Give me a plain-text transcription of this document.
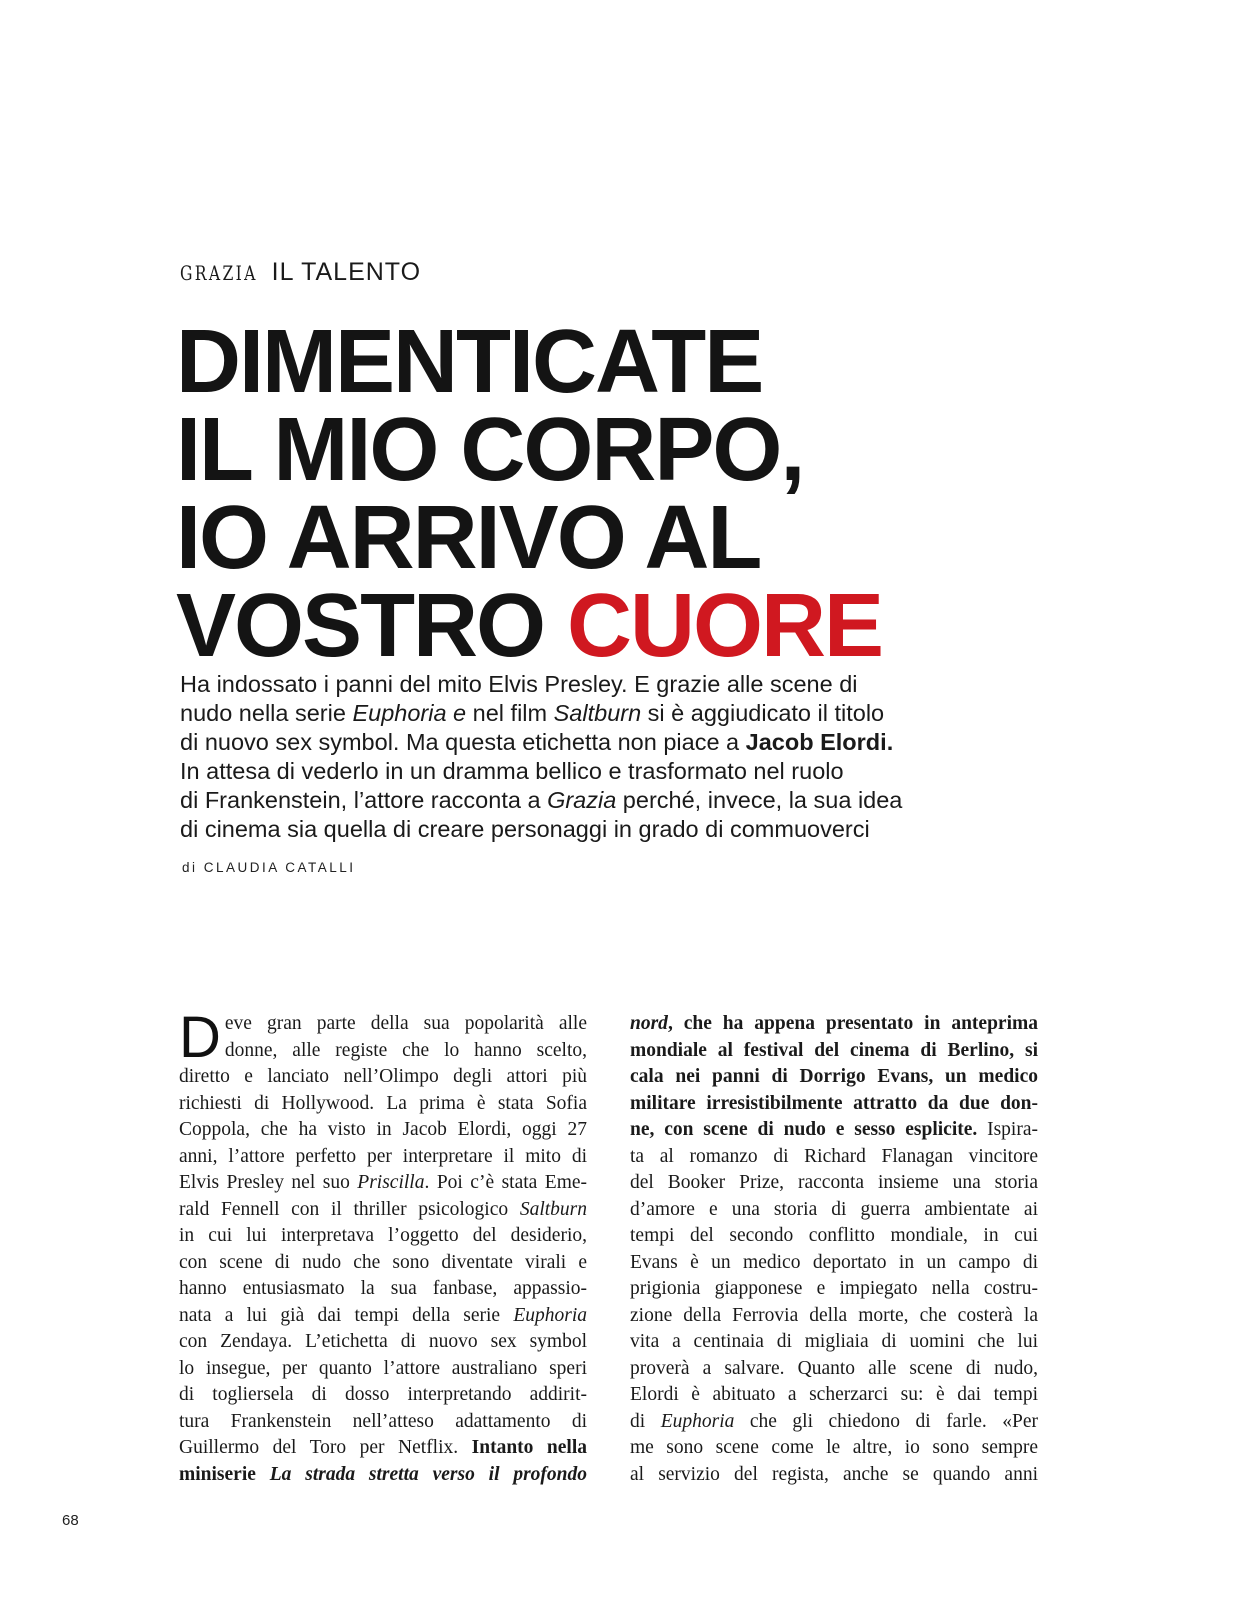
GRAZIA IL TALENTO
DIMENTICATE
IL MIO CORPO,
IO ARRIVO AL
VOSTRO CUORE
Ha indossato i panni del mito Elvis Presley. E grazie alle scene di
nudo nella serie Euphoria e nel film Saltburn si è aggiudicato il titolo
di nuovo sex symbol. Ma questa etichetta non piace a Jacob Elordi.
In attesa di vederlo in un dramma bellico e trasformato nel ruolo
di Frankenstein, l’attore racconta a Grazia perché, invece, la sua idea
di cinema sia quella di creare personaggi in grado di commuoverci
di CLAUDIA CATALLI
D eve gran parte della sua popolarità alle
donne, alle registe che lo hanno scelto,
diretto e lanciato nell’Olimpo degli attori più
richiesti di Hollywood. La prima è stata Sofia
Coppola, che ha visto in Jacob Elordi, oggi 27
anni, l’attore perfetto per interpretare il mito di
Elvis Presley nel suo Priscilla. Poi c’è stata Eme-
rald Fennell con il thriller psicologico Saltburn
in cui lui interpretava l’oggetto del desiderio,
con scene di nudo che sono diventate virali e
hanno entusiasmato la sua fanbase, appassio-
nata a lui già dai tempi della serie Euphoria
con Zendaya. L’etichetta di nuovo sex symbol
lo insegue, per quanto l’attore australiano speri
di togliersela di dosso interpretando addirit-
tura Frankenstein nell’atteso adattamento di
Guillermo del Toro per Netflix. Intanto nella
miniserie La strada stretta verso il profondo
nord, che ha appena presentato in anteprima
mondiale al festival del cinema di Berlino, si
cala nei panni di Dorrigo Evans, un medico
militare irresistibilmente attratto da due don-
ne, con scene di nudo e sesso esplicite. Ispira-
ta al romanzo di Richard Flanagan vincitore
del Booker Prize, racconta insieme una storia
d’amore e una storia di guerra ambientate ai
tempi del secondo conflitto mondiale, in cui
Evans è un medico deportato in un campo di
prigionia giapponese e impiegato nella costru-
zione della Ferrovia della morte, che costerà la
vita a centinaia di migliaia di uomini che lui
proverà a salvare. Quanto alle scene di nudo,
Elordi è abituato a scherzarci su: è dai tempi
di Euphoria che gli chiedono di farle. «Per
me sono scene come le altre, io sono sempre
al servizio del regista, anche se quando anni
68
